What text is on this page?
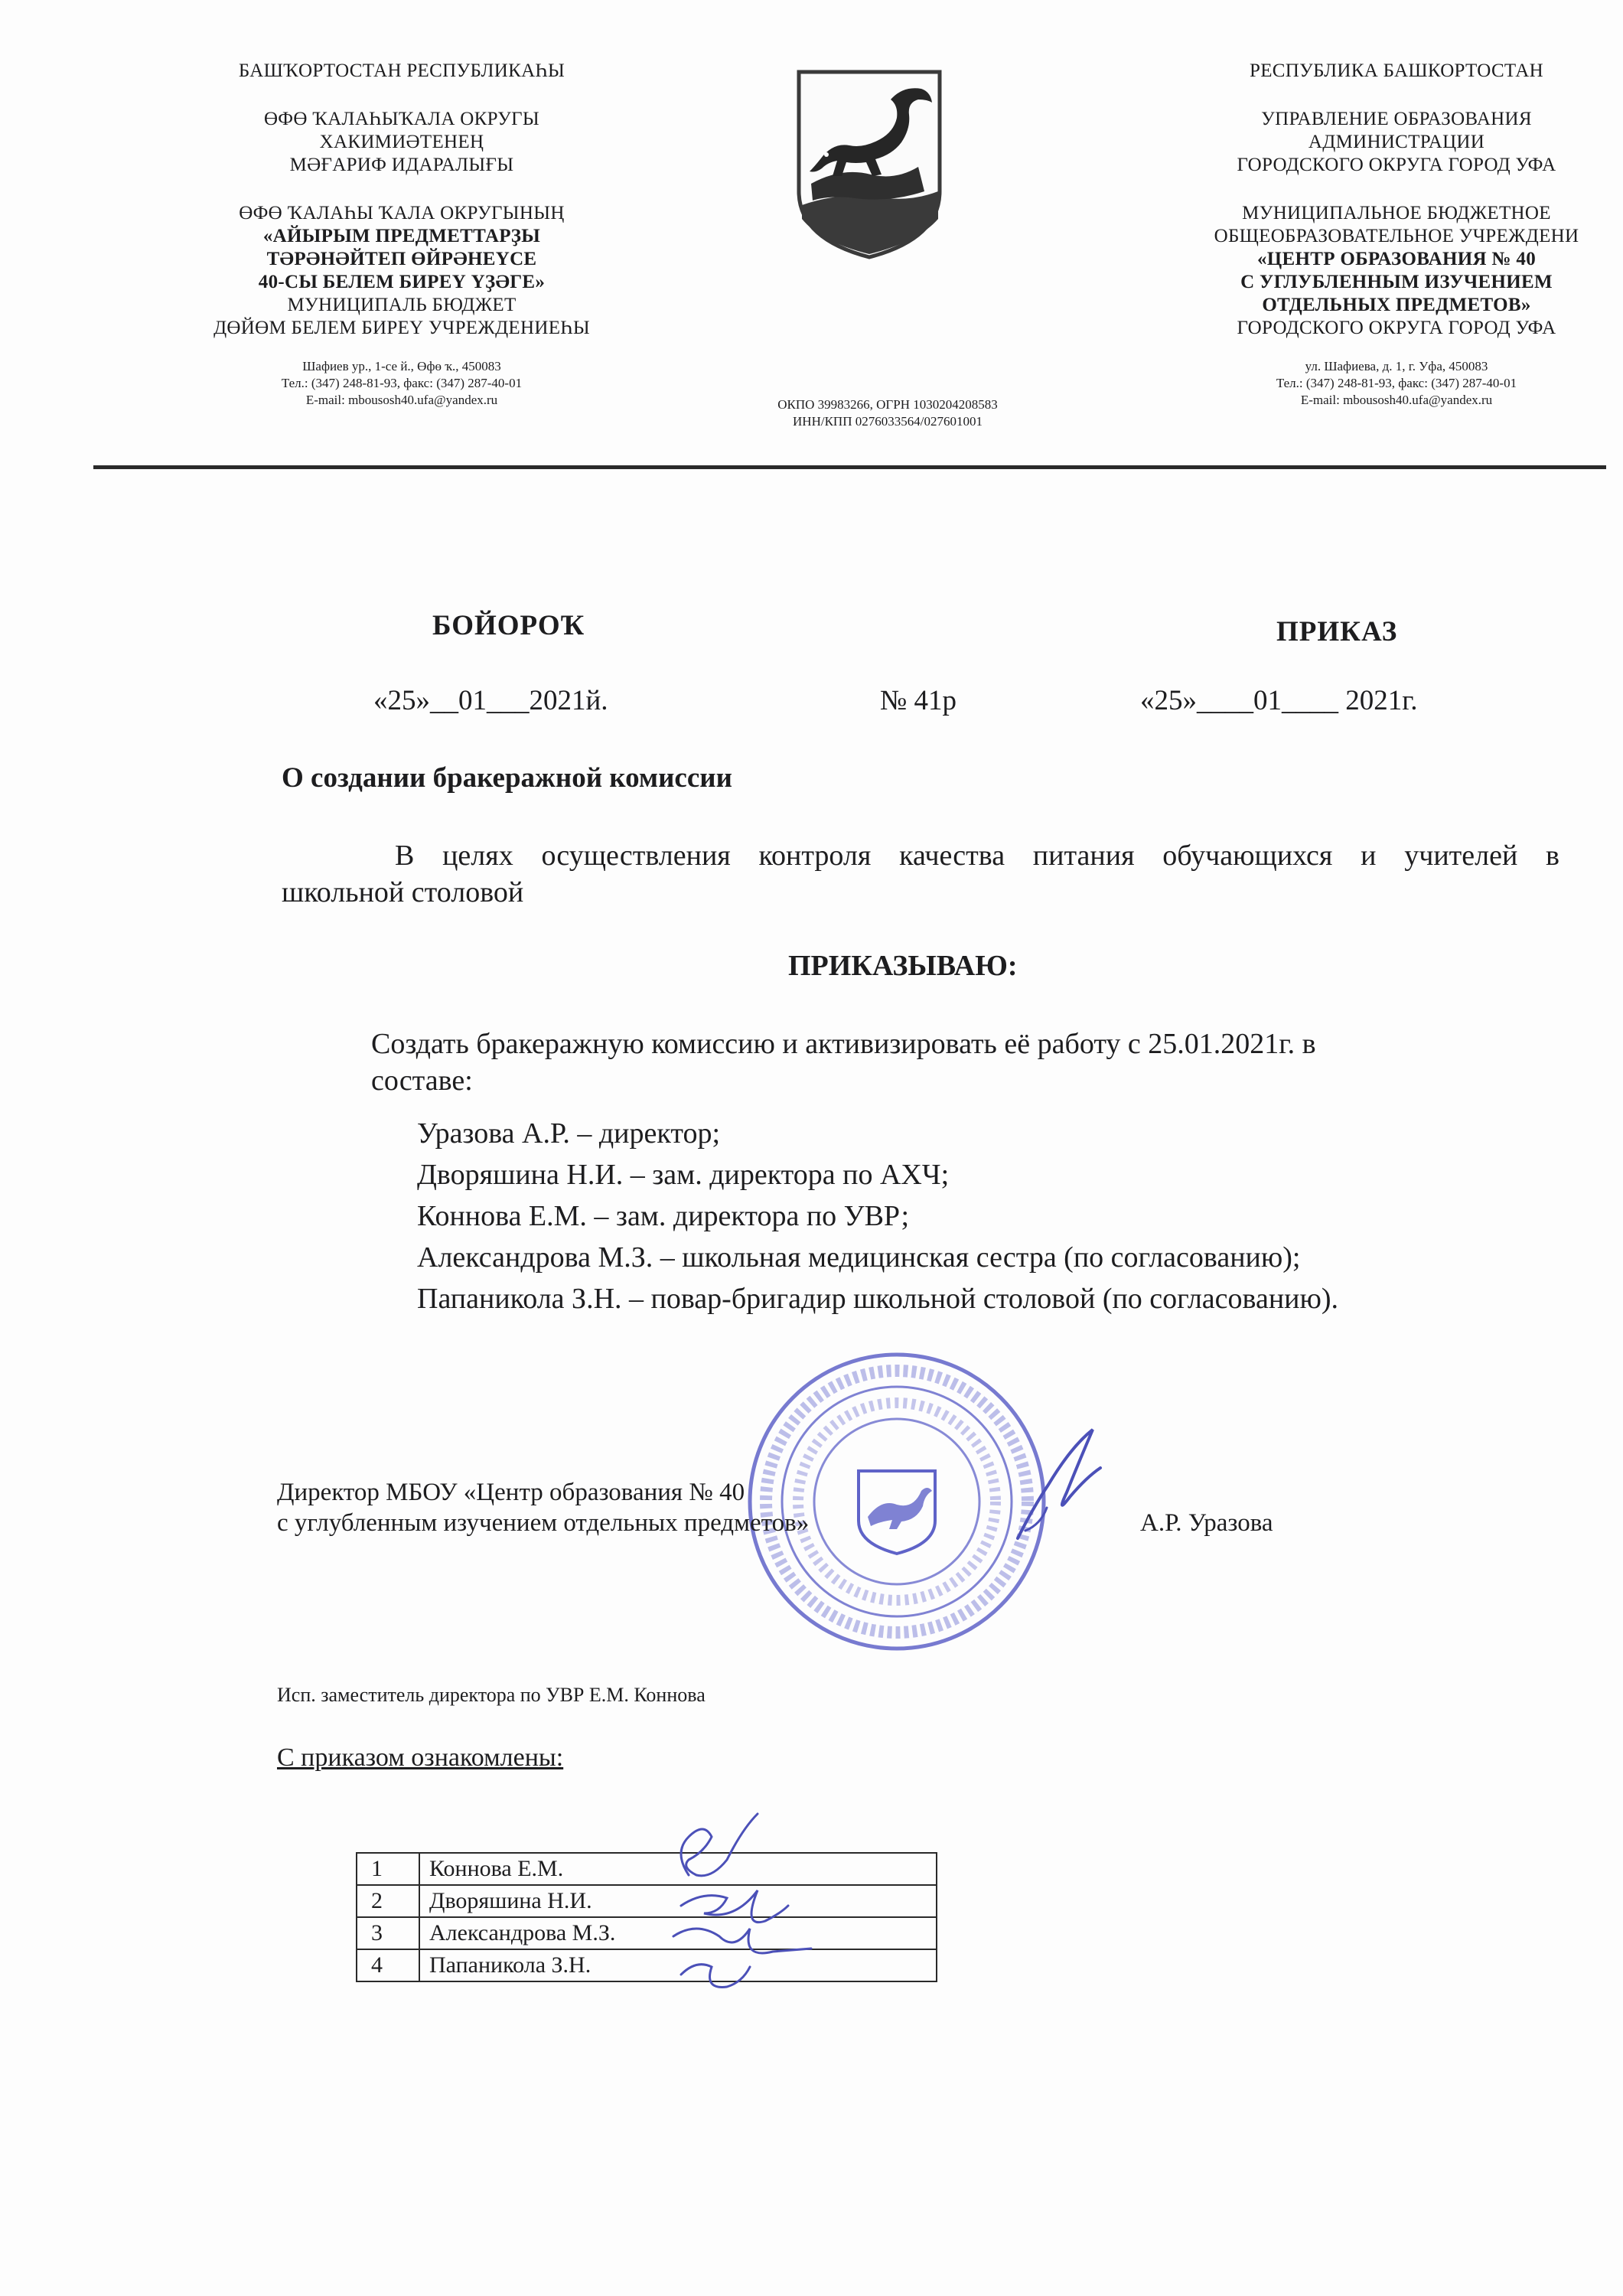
БАШҠОРТОСТАН РЕСПУБЛИКАҺЫ
ӨФӨ ҠАЛАҺЫҠАЛА ОКРУГЫ
ХАКИМИӘТЕНЕҢ
МӘҒАРИФ ИДАРАЛЫҒЫ
ӨФӨ ҠАЛАҺЫ ҠАЛА ОКРУГЫНЫҢ
«АЙЫРЫМ ПРЕДМЕТТАРҘЫ
ТӘРӘНӘЙТЕП ӨЙРӘНЕҮСЕ
40-СЫ БЕЛЕМ БИРЕҮ ҮҘӘГЕ»
МУНИЦИПАЛЬ БЮДЖЕТ
ДӨЙӨМ БЕЛЕМ БИРЕҮ УЧРЕЖДЕНИЕҺЫ
Шафиев ур., 1-се й., Өфө ҡ., 450083
Тел.: (347) 248-81-93, факс: (347) 287-40-01
E-mail: mbousosh40.ufa@yandex.ru	ОКПО 39983266, ОГРН 1030204208583
ИНН/КПП 0276033564/027601001
РЕСПУБЛИКА БАШКОРТОСТАН
УПРАВЛЕНИЕ ОБРАЗОВАНИЯ
АДМИНИСТРАЦИИ
ГОРОДСКОГО ОКРУГА ГОРОД УФА
МУНИЦИПАЛЬНОЕ БЮДЖЕТНОЕ
ОБЩЕОБРАЗОВАТЕЛЬНОЕ УЧРЕЖДЕНИ
«ЦЕНТР ОБРАЗОВАНИЯ № 40
С УГЛУБЛЕННЫМ ИЗУЧЕНИЕМ
ОТДЕЛЬНЫХ ПРЕДМЕТОВ»
ГОРОДСКОГО ОКРУГА ГОРОД УФА
ул. Шафиева, д. 1, г. Уфа, 450083
Тел.: (347) 248-81-93, факс: (347) 287-40-01
E-mail: mbousosh40.ufa@yandex.ru
БОЙОРОҠ	ПРИКАЗ
«25»__01___2021й.	№ 41р	«25»____01____ 2021г.
О создании бракеражной комиссии
В целях осуществления контроля качества питания обучающихся и учителей в
школьной столовой
ПРИКАЗЫВАЮ:
Создать бракеражную комиссию и активизировать её работу с 25.01.2021г. в
составе:
Уразова А.Р. – директор;
Дворяшина Н.И. – зам. директора по АХЧ;
Коннова Е.М. – зам. директора по УВР;
Александрова М.З. – школьная медицинская сестра (по согласованию);
Папаникола З.Н. – повар-бригадир школьной столовой (по согласованию).
Директор МБОУ «Центр образования № 40
с углубленным изучением отдельных предметов»	А.Р. Уразова
Исп. заместитель директора по УВР Е.М. Коннова
С приказом ознакомлены:
1	Коннова Е.М.
2	Дворяшина Н.И.
3	Александрова М.З.
4	Папаникола З.Н.
